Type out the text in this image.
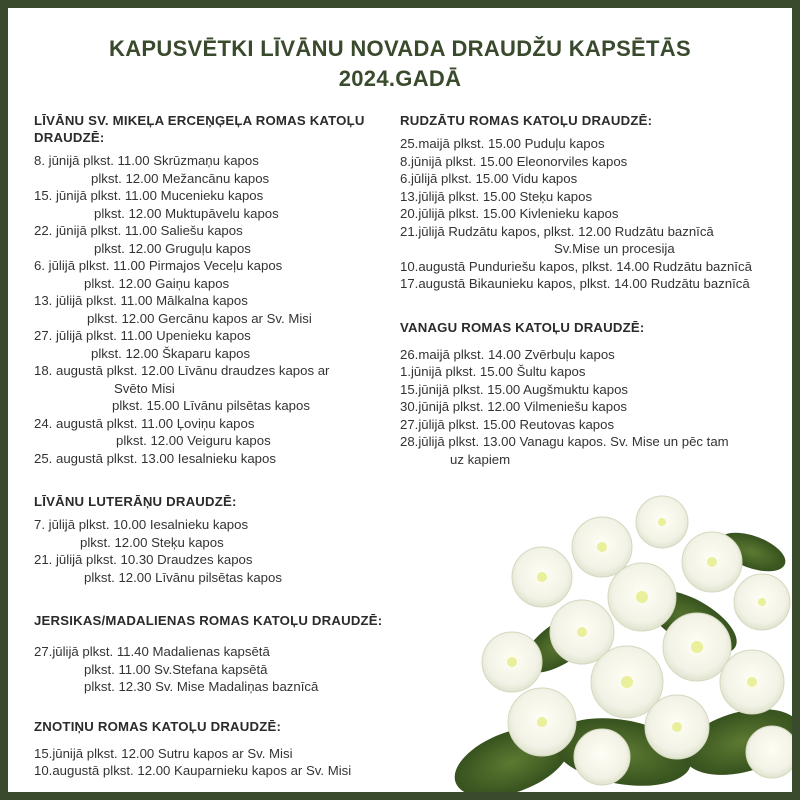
KAPUSVĒTKI LĪVĀNU NOVADA DRAUDŽU KAPSĒTĀS
2024.GADĀ
LĪVĀNU SV. MIKEĻA ERCEŅĢEĻA ROMAS KATOĻU DRAUDZĒ:
8. jūnijā plkst. 11.00 Skrūzmaņu kapos
plkst. 12.00 Mežancānu kapos
15. jūnijā plkst. 11.00 Mucenieku kapos
plkst. 12.00 Muktupāvelu kapos
22. jūnijā plkst. 11.00 Saliešu kapos
plkst. 12.00 Gruguļu kapos
6. jūlijā plkst. 11.00 Pirmajos Veceļu kapos
plkst. 12.00 Gaiņu kapos
13. jūlijā plkst. 11.00 Mālkalna kapos
plkst. 12.00 Gercānu kapos ar Sv. Misi
27. jūlijā plkst. 11.00 Upenieku kapos
plkst. 12.00 Škaparu kapos
18. augustā plkst. 12.00 Līvānu draudzes kapos ar
Svēto Misi
plkst. 15.00 Līvānu pilsētas kapos
24. augustā plkst. 11.00 Ļoviņu kapos
plkst. 12.00 Veiguru kapos
25. augustā plkst. 13.00 Iesalnieku kapos
LĪVĀNU LUTERĀŅU DRAUDZĒ:
7. jūlijā plkst. 10.00 Iesalnieku kapos
plkst. 12.00 Steķu kapos
21. jūlijā plkst. 10.30 Draudzes kapos
plkst. 12.00 Līvānu pilsētas kapos
JERSIKAS/MADALIENAS ROMAS KATOĻU DRAUDZĒ:
27.jūlijā plkst. 11.40 Madalienas kapsētā
plkst. 11.00 Sv.Stefana kapsētā
plkst. 12.30 Sv. Mise Madaliņas baznīcā
ZNOTIŅU ROMAS KATOĻU DRAUDZĒ:
15.jūnijā plkst. 12.00 Sutru kapos ar Sv. Misi
10.augustā plkst. 12.00 Kauparnieku kapos ar Sv. Misi
RUDZĀTU ROMAS KATOĻU DRAUDZĒ:
25.maijā plkst. 15.00 Puduļu kapos
8.jūnijā plkst. 15.00 Eleonorviles kapos
6.jūlijā plkst. 15.00 Vidu kapos
13.jūlijā plkst. 15.00 Steķu kapos
20.jūlijā plkst. 15.00 Kivlenieku kapos
21.jūlijā Rudzātu kapos, plkst. 12.00 Rudzātu baznīcā
Sv.Mise un procesija
10.augustā Punduriešu kapos, plkst. 14.00 Rudzātu baznīcā
17.augustā Bikaunieku kapos, plkst. 14.00 Rudzātu baznīcā
VANAGU ROMAS KATOĻU DRAUDZĒ:
26.maijā plkst. 14.00 Zvērbuļu kapos
1.jūnijā plkst. 15.00 Šultu kapos
15.jūnijā plkst. 15.00 Augšmuktu kapos
30.jūnijā plkst. 12.00 Vilmeniešu kapos
27.jūlijā plkst. 15.00 Reutovas kapos
28.jūlijā plkst. 13.00 Vanagu kapos. Sv. Mise un pēc tam
uz kapiem
